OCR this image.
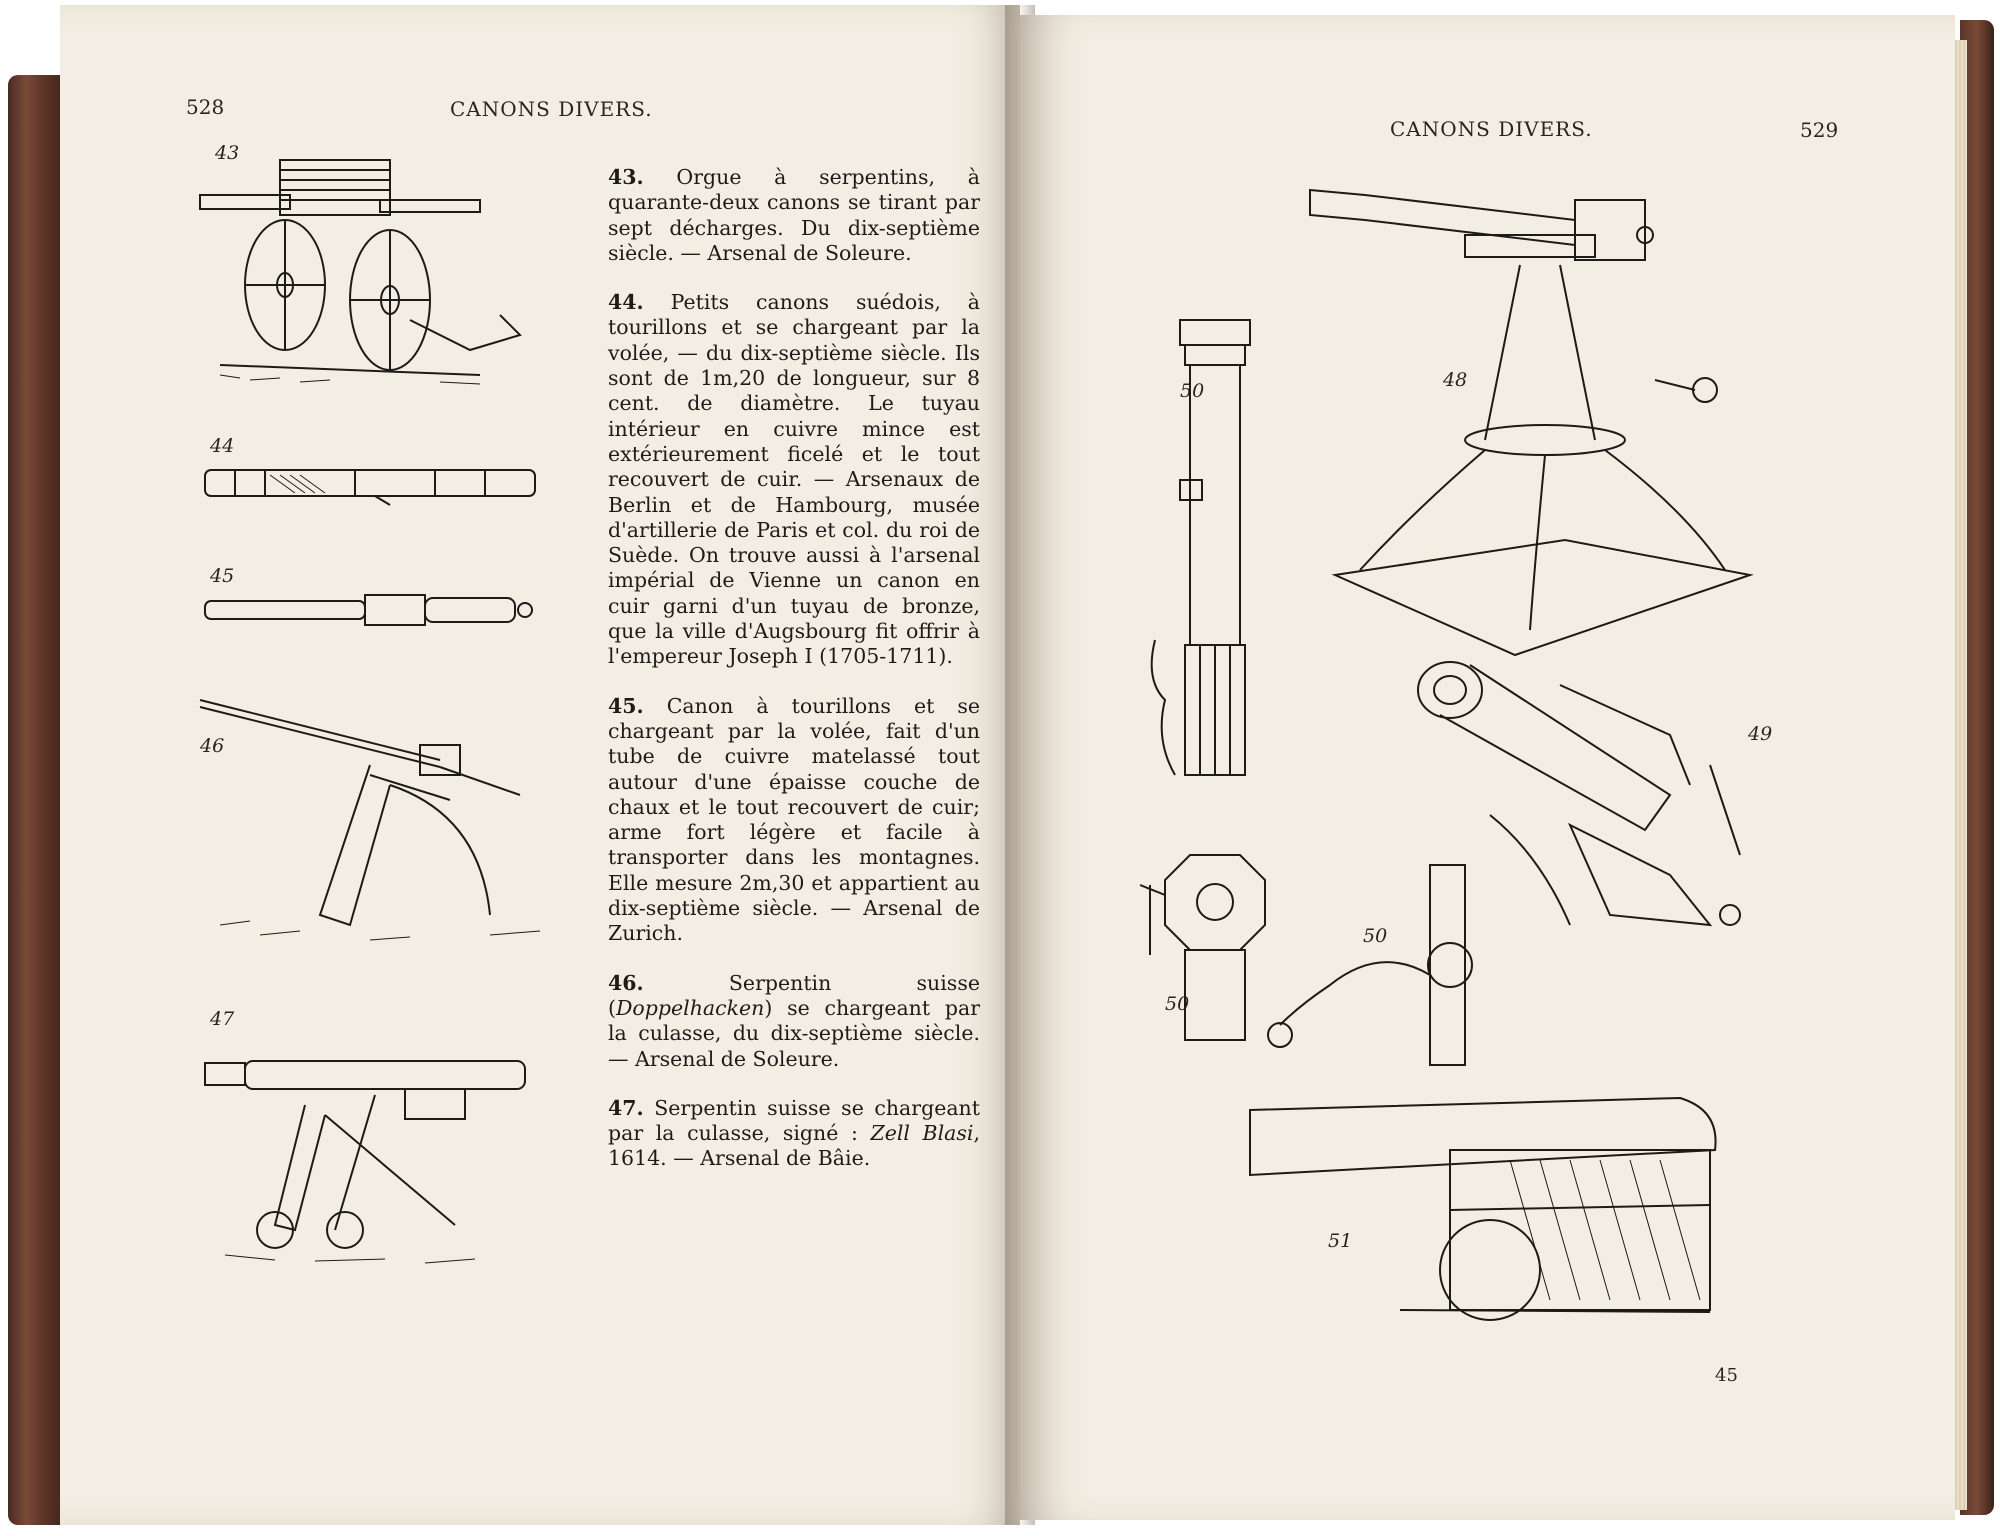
528	CANONS DIVERS.
43
44
45
46
47

43. Orgue à serpentins, à quarante-deux canons se tirant par sept décharges. Du dix-septième siècle. — Arsenal de Soleure.

44. Petits canons suédois, à tourillons et se chargeant par la volée, — du dix-septième siècle. Ils sont de 1m,20 de longueur, sur 8 cent. de diamètre. Le tuyau intérieur en cuivre mince est extérieurement ficelé et le tout recouvert de cuir. — Arsenaux de Berlin et de Hambourg, musée d'artillerie de Paris et col. du roi de Suède. On trouve aussi à l'arsenal impérial de Vienne un canon en cuir garni d'un tuyau de bronze, que la ville d'Augsbourg fit offrir à l'empereur Joseph I (1705-1711).

45. Canon à tourillons et se chargeant par la volée, fait d'un tube de cuivre matelassé tout autour d'une épaisse couche de chaux et le tout recouvert de cuir; arme fort légère et facile à transporter dans les montagnes. Elle mesure 2m,30 et appartient au dix-septième siècle. — Arsenal de Zurich.

46.	Serpentin suisse (Doppelhacken) se chargeant par la culasse, du dix-septième siècle. — Arsenal de Soleure.

47. Serpentin suisse se chargeant par la culasse, signé : Zell Blasi, 1614. — Arsenal de Bâie.

CANONS DIVERS.	529
50	48
49
50
50
51
45
